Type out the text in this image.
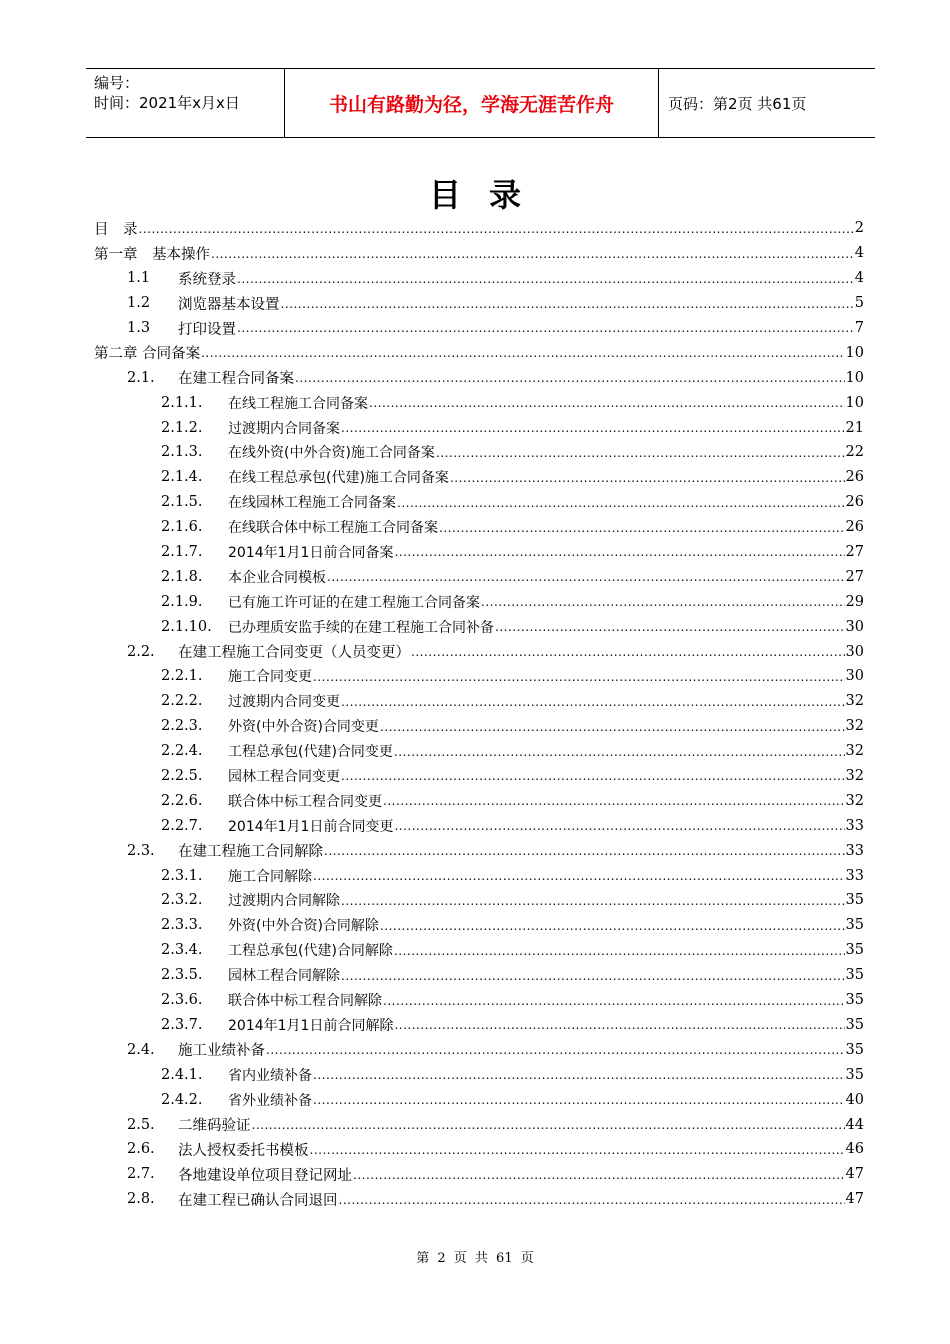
编号：
时间：2021年x月x日	书山有路勤为径，学海无涯苦作舟	页码：第2页 共61页
目录
目　录 .....	2
第一章　基本操作 .....	4
1.1	系统登录 .....	4
1.2	浏览器基本设置 .....	5
1.3	打印设置 .....	7
第二章 合同备案 .....	10
2.1.	在建工程合同备案 .....	10
2.1.1.	在线工程施工合同备案 .....	10
2.1.2.	过渡期内合同备案 .....	21
2.1.3.	在线外资(中外合资)施工合同备案 .....	22
2.1.4.	在线工程总承包(代建)施工合同备案 .....	26
2.1.5.	在线园林工程施工合同备案 .....	26
2.1.6.	在线联合体中标工程施工合同备案 .....	26
2.1.7.	2014年1月1日前合同备案 .....	27
2.1.8.	本企业合同模板 .....	27
2.1.9.	已有施工许可证的在建工程施工合同备案 .....	29
2.1.10.	已办理质安监手续的在建工程施工合同补备 .....	30
2.2.	在建工程施工合同变更（人员变更） .....	30
2.2.1.	施工合同变更 .....	30
2.2.2.	过渡期内合同变更 .....	32
2.2.3.	外资(中外合资)合同变更 .....	32
2.2.4.	工程总承包(代建)合同变更 .....	32
2.2.5.	园林工程合同变更 .....	32
2.2.6.	联合体中标工程合同变更 .....	32
2.2.7.	2014年1月1日前合同变更 .....	33
2.3.	在建工程施工合同解除 .....	33
2.3.1.	施工合同解除 .....	33
2.3.2.	过渡期内合同解除 .....	35
2.3.3.	外资(中外合资)合同解除 .....	35
2.3.4.	工程总承包(代建)合同解除 .....	35
2.3.5.	园林工程合同解除 .....	35
2.3.6.	联合体中标工程合同解除 .....	35
2.3.7.	2014年1月1日前合同解除 .....	35
2.4.	施工业绩补备 .....	35
2.4.1.	省内业绩补备 .....	35
2.4.2.	省外业绩补备 .....	40
2.5.	二维码验证 .....	44
2.6.	法人授权委托书模板 .....	46
2.7.	各地建设单位项目登记网址 .....	47
2.8.	在建工程已确认合同退回 .....	47
第 2 页 共 61 页
